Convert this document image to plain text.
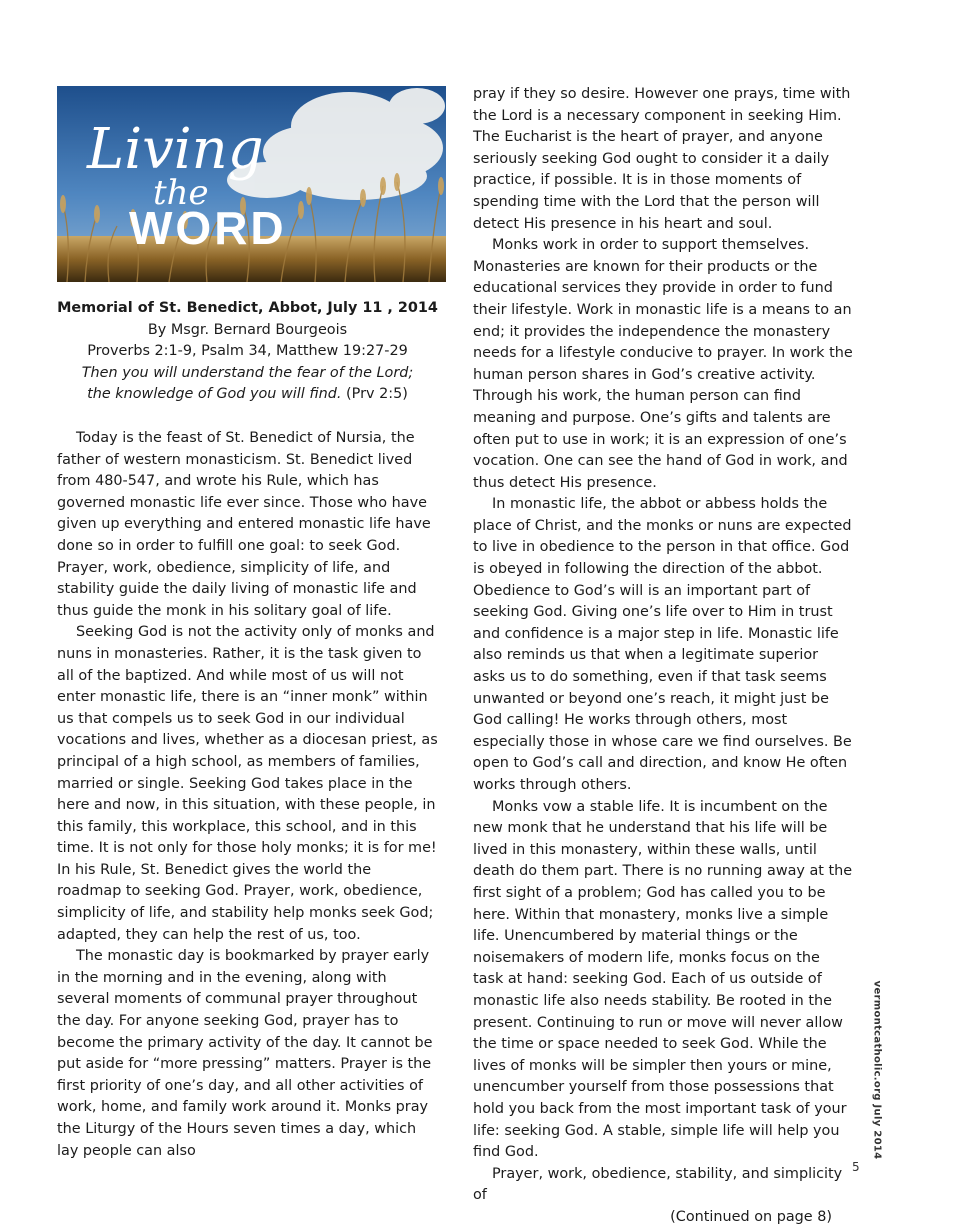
Living
the
WORD
Memorial of St. Benedict, Abbot, July 11 , 2014
By Msgr. Bernard Bourgeois
Proverbs 2:1-9, Psalm 34, Matthew 19:27-29
Then you will understand the fear of the Lord;
the knowledge of God you will find. (Prv 2:5)

Today is the feast of St. Benedict of Nursia, the father of western monasticism. St. Benedict lived from 480-547, and wrote his Rule, which has governed monastic life ever since. Those who have given up everything and entered monastic life have done so in order to fulfill one goal: to seek God. Prayer, work, obedience, simplicity of life, and stability guide the daily living of monastic life and thus guide the monk in his solitary goal of life.

Seeking God is not the activity only of monks and nuns in monasteries. Rather, it is the task given to all of the baptized. And while most of us will not enter monastic life, there is an “inner monk” within us that compels us to seek God in our individual vocations and lives, whether as a diocesan priest, as principal of a high school, as members of families, married or single. Seeking God takes place in the here and now, in this situation, with these people, in this family, this workplace, this school, and in this time. It is not only for those holy monks; it is for me! In his Rule, St. Benedict gives the world the roadmap to seeking God. Prayer, work, obedience, simplicity of life, and stability help monks seek God; adapted, they can help the rest of us, too.

The monastic day is bookmarked by prayer early in the morning and in the evening, along with several moments of communal prayer throughout the day. For anyone seeking God, prayer has to become the primary activity of the day. It cannot be put aside for “more pressing” matters. Prayer is the first priority of one’s day, and all other activities of work, home, and family work around it. Monks pray the Liturgy of the Hours seven times a day, which lay people can also

pray if they so desire. However one prays, time with the Lord is a necessary component in seeking Him. The Eucharist is the heart of prayer, and anyone seriously seeking God ought to consider it a daily practice, if possible. It is in those moments of spending time with the Lord that the person will detect His presence in his heart and soul.

Monks work in order to support themselves. Monasteries are known for their products or the educational services they provide in order to fund their lifestyle. Work in monastic life is a means to an end; it provides the independence the monastery needs for a lifestyle conducive to prayer. In work the human person shares in God’s creative activity. Through his work, the human person can find meaning and purpose. One’s gifts and talents are often put to use in work; it is an expression of one’s vocation. One can see the hand of God in work, and thus detect His presence.

In monastic life, the abbot or abbess holds the place of Christ, and the monks or nuns are expected to live in obedience to the person in that office. God is obeyed in following the direction of the abbot. Obedience to God’s will is an important part of seeking God. Giving one’s life over to Him in trust and confidence is a major step in life. Monastic life also reminds us that when a legitimate superior asks us to do something, even if that task seems unwanted or beyond one’s reach, it might just be God calling! He works through others, most especially those in whose care we find ourselves. Be open to God’s call and direction, and know He often works through others.

Monks vow a stable life. It is incumbent on the new monk that he understand that his life will be lived in this monastery, within these walls, until death do them part. There is no running away at the first sight of a problem; God has called you to be here. Within that monastery, monks live a simple life. Unencumbered by material things or the noisemakers of modern life, monks focus on the task at hand: seeking God. Each of us outside of monastic life also needs stability. Be rooted in the present. Continuing to run or move will never allow the time or space needed to seek God. While the lives of monks will be simpler then yours or mine, unencumber yourself from those possessions that hold you back from the most important task of your life: seeking God. A stable, simple life will help you find God.

Prayer, work, obedience, stability, and simplicity of

(Continued on page 8)
vermontcatholic.org July 2014
5
